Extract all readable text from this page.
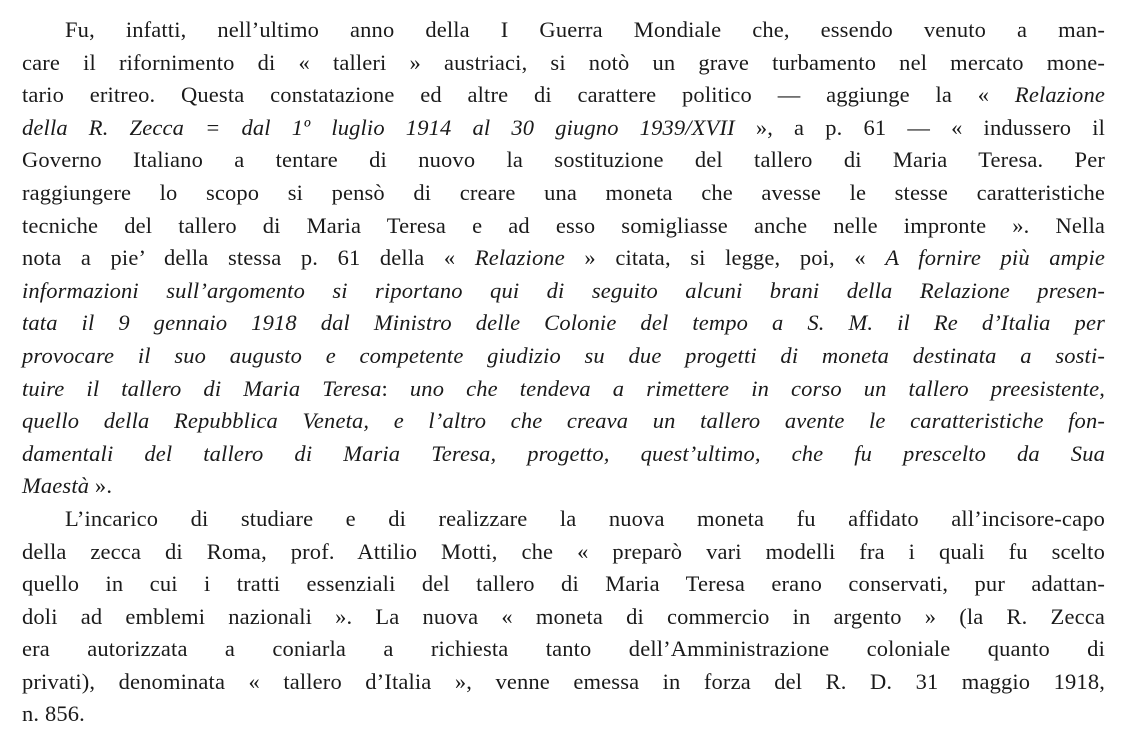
Fu, infatti, nell’ultimo anno della I Guerra Mondiale che, essendo venuto a man-
care il rifornimento di « talleri » austriaci, si notò un grave turbamento nel mercato mone-
tario eritreo. Questa constatazione ed altre di carattere politico — aggiunge la « Relazione
della R. Zecca = dal 1º luglio 1914 al 30 giugno 1939/XVII », a p. 61 — « indussero il
Governo Italiano a tentare di nuovo la sostituzione del tallero di Maria Teresa. Per
raggiungere lo scopo si pensò di creare una moneta che avesse le stesse caratteristiche
tecniche del tallero di Maria Teresa e ad esso somigliasse anche nelle impronte ». Nella
nota a pie’ della stessa p. 61 della « Relazione » citata, si legge, poi, « A fornire più ampie
informazioni sull’argomento si riportano qui di seguito alcuni brani della Relazione presen-
tata il 9 gennaio 1918 dal Ministro delle Colonie del tempo a S. M. il Re d’Italia per
provocare il suo augusto e competente giudizio su due progetti di moneta destinata a sosti-
tuire il tallero di Maria Teresa: uno che tendeva a rimettere in corso un tallero preesistente,
quello della Repubblica Veneta, e l’altro che creava un tallero avente le caratteristiche fon-
damentali del tallero di Maria Teresa, progetto, quest’ultimo, che fu prescelto da Sua
Maestà ».
L’incarico di studiare e di realizzare la nuova moneta fu affidato all’incisore-capo
della zecca di Roma, prof. Attilio Motti, che « preparò vari modelli fra i quali fu scelto
quello in cui i tratti essenziali del tallero di Maria Teresa erano conservati, pur adattan-
doli ad emblemi nazionali ». La nuova « moneta di commercio in argento » (la R. Zecca
era autorizzata a coniarla a richiesta tanto dell’Amministrazione coloniale quanto di
privati), denominata « tallero d’Italia », venne emessa in forza del R. D. 31 maggio 1918,
n. 856.
